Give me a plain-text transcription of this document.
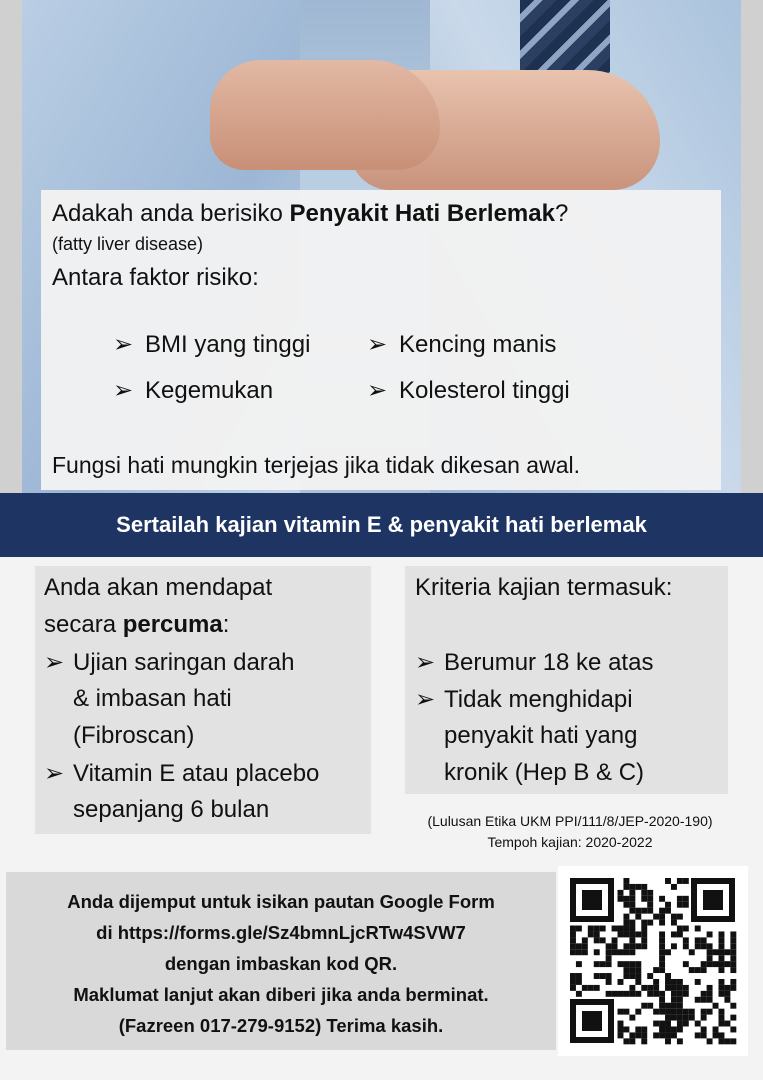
Adakah anda berisiko Penyakit Hati Berlemak?
(fatty liver disease)
Antara faktor risiko:
➢ BMI yang tinggi ➢ Kencing manis
➢ Kegemukan	➢ Kolesterol tinggi
Fungsi hati mungkin terjejas jika tidak dikesan awal.
Sertailah kajian vitamin E & penyakit hati berlemak
Anda akan mendapat
secara percuma:
➢ Ujian saringan darah
& imbasan hati
(Fibroscan)
➢ Vitamin E atau placebo
sepanjang 6 bulan
Kriteria kajian termasuk:
➢ Berumur 18 ke atas
➢ Tidak menghidapi
penyakit hati yang
kronik (Hep B & C)
(Lulusan Etika UKM PPI/111/8/JEP-2020-190)
Tempoh kajian: 2020-2022
Anda dijemput untuk isikan pautan Google Form
di https://forms.gle/Sz4bmnLjcRTw4SVW7
dengan imbaskan kod QR.
Maklumat lanjut akan diberi jika anda berminat.
(Fazreen 017-279-9152) Terima kasih.
